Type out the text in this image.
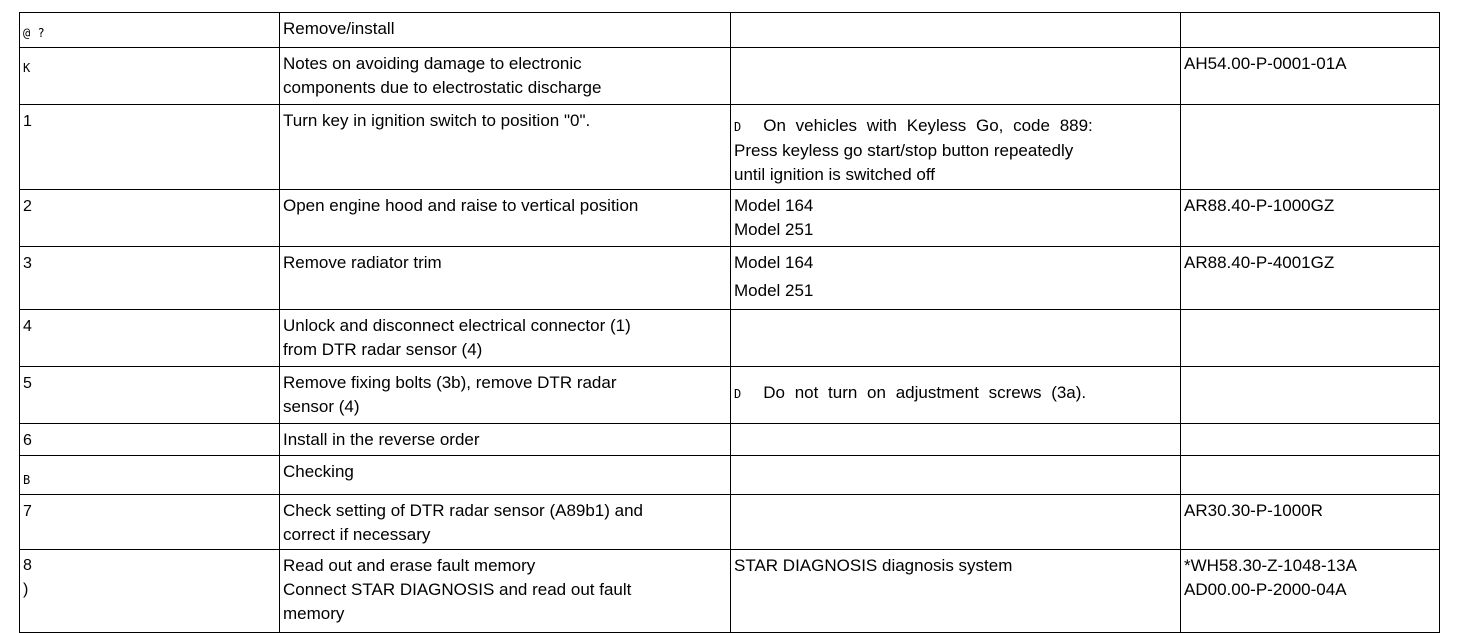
@ ?	Remove/install		

K	Notes on avoiding damage to electronic
components due to electrostatic discharge		AH54.00-P-0001-01A

1	Turn key in ignition switch to position "0".	D On vehicles with Keyless Go, code 889:
Press keyless go start/stop button repeatedly
until ignition is switched off	

2	Open engine hood and raise to vertical position	Model 164
Model 251	AR88.40-P-1000GZ

3	Remove radiator trim	Model 164
Model 251	AR88.40-P-4001GZ

4	Unlock and disconnect electrical connector (1)
from DTR radar sensor (4)		

5	Remove fixing bolts (3b), remove DTR radar
sensor (4)	D Do not turn on adjustment screws (3a).	

6	Install in the reverse order		

B	Checking		

7	Check setting of DTR radar sensor (A89b1) and
correct if necessary		AR30.30-P-1000R

8
)	Read out and erase fault memory
Connect STAR DIAGNOSIS and read out fault
memory	STAR DIAGNOSIS diagnosis system	*WH58.30-Z-1048-13A
AD00.00-P-2000-04A
